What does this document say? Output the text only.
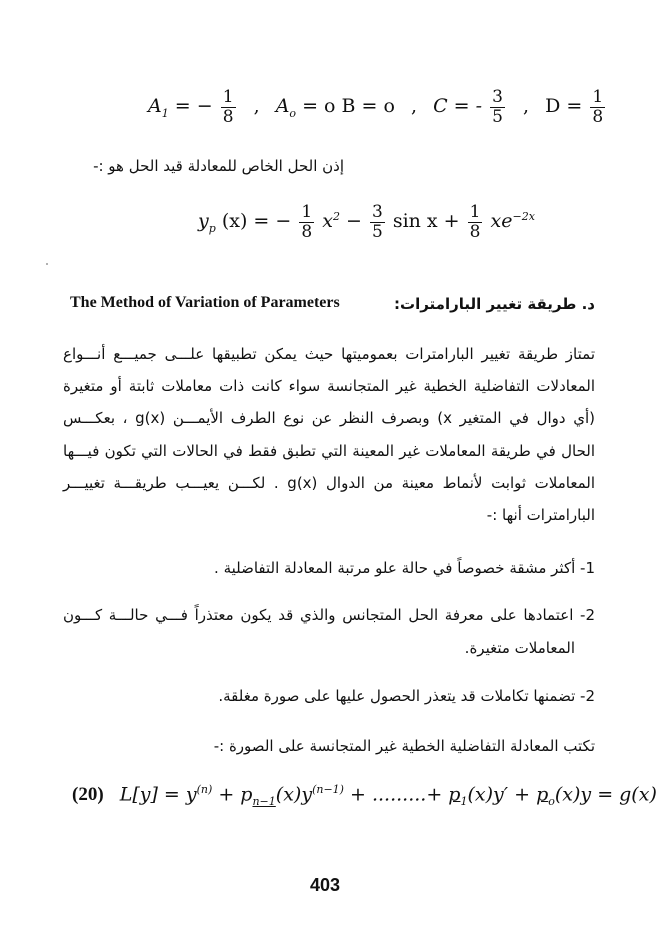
$A_1$ = − $\frac{1}{8}$ , $A_o = o$ B = o , C = - $\frac{3}{5}$ , $D = \frac{1}{8}$
إذن الحل الخاص للمعادلة قيد الحل هو :-
$y_p$ (x) = − $\frac{1}{8} x^2 - \frac{3}{5}$ $\sin x + \frac{1}{8} xe^{-2x}$
The Method of Variation of Parameters	د. طريقة تغيير البارامترات:
تمتاز طريقة تغيير البارامترات بعموميتها حيث يمكن تطبيقها علـــى جميـــع أنـــواع
المعادلات التفاضلية الخطية غير المتجانسة سواء كانت ذات معاملات ثابتة أو متغيرة
(أي دوال في المتغير x) وبصرف النظر عن نوع الطرف الأيمـــن g(x) ، بعكـــس
الحال في طريقة المعاملات غير المعينة التي تطبق فقط في الحالات التي تكون فيـــها
المعاملات ثوابت لأنماط معينة من الدوال g(x) . لكـــن يعيـــب طريقـــة تغييـــر
البارامترات أنها :-
1- أكثر مشقة خصوصاً في حالة علو مرتبة المعادلة التفاضلية .
2- اعتمادها على معرفة الحل المتجانس والذي قد يكون معتذراً فـــي حالـــة كـــون
المعاملات متغيرة.
2- تضمنها تكاملات قد يتعذر الحصول عليها على صورة مغلقة.
تكتب المعادلة التفاضلية الخطية غير المتجانسة على الصورة :-
(20) $L[y] = y^{(n)} + p_{n-1}(x)y^{(n-1)}$ + .........+ $p_1(x)y' + p_o(x)y = g(x)$
403
